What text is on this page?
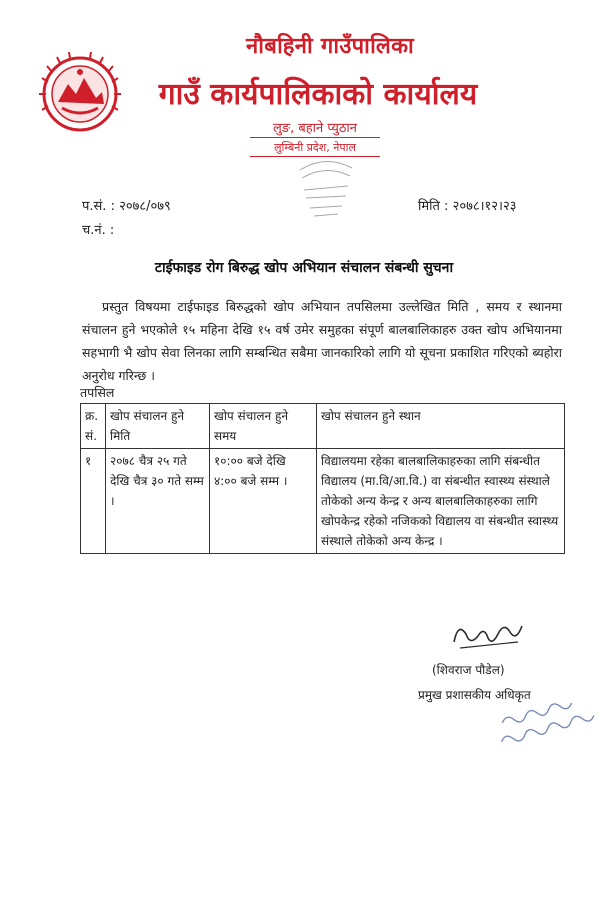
नौबहिनी गाउँपालिका
गाउँ कार्यपालिकाको कार्यालय
लुङ, बहाने प्युठान
लुम्बिनी प्रदेश, नेपाल
प.सं. : २०७८/०७९
च.नं. :
मिति : २०७८।१२।२३
टाईफाइड रोग बिरुद्ध खोप अभियान संचालन संबन्धी सुचना
प्रस्तुत विषयमा टाईफाइड बिरुद्धको खोप अभियान तपसिलमा उल्लेखित मिति , समय र स्थानमा संचालन हुने भएकोले १५ महिना देखि १५ वर्ष उमेर समुहका संपूर्ण बालबालिकाहरु उक्त खोप अभियानमा सहभागी भै खोप सेवा लिनका लागि सम्बन्धित सबैमा जानकारिको लागि यो सूचना प्रकाशित गरिएको ब्यहोरा अनुरोध गरिन्छ ।
तपसिल
क्र. सं.	खोप संचालन हुने मिति	खोप संचालन हुने समय	खोप संचालन हुने स्थान
१	२०७८ चैत्र २५ गते देखि चैत्र ३० गते सम्म ।	१०:०० बजे देखि ४:०० बजे सम्म ।	विद्यालयमा रहेका बालबालिकाहरुका लागि संबन्धीत विद्यालय (मा.वि/आ.वि.) वा संबन्धीत स्वास्थ्य संस्थाले तोकेको अन्य केन्द्र र अन्य बालबालिकाहरुका लागि खोपकेन्द्र रहेको नजिकको विद्यालय वा संबन्धीत स्वास्थ्य संस्थाले तोकेको अन्य केन्द्र ।
(शिवराज पौडेल)
प्रमुख प्रशासकीय अधिकृत
